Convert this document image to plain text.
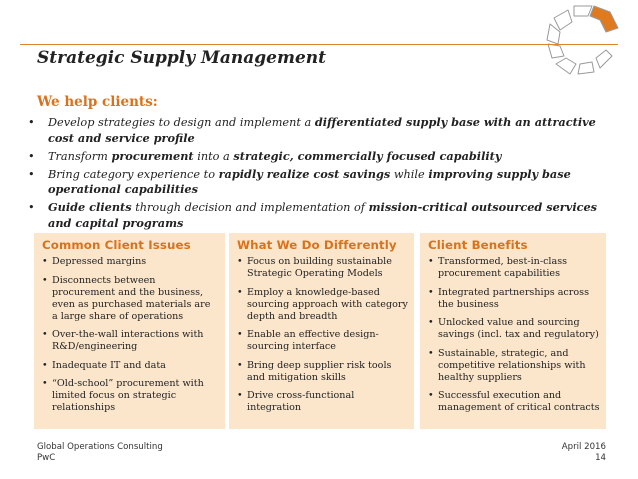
Strategic Supply Management
We help clients:
• Develop strategies to design and implement a differentiated supply base with an attractive cost and service profile
• Transform procurement into a strategic, commercially focused capability
• Bring category experience to rapidly realize cost savings while improving supply base operational capabilities
• Guide clients through decision and implementation of mission-critical outsourced services and capital programs
Common Client Issues
• Depressed margins
• Disconnects between procurement and the business, even as purchased materials are a large share of operations
• Over-the-wall interactions with R&D/engineering
• Inadequate IT and data
• “Old-school” procurement with limited focus on strategic relationships
What We Do Differently
• Focus on building sustainable Strategic Operating Models
• Employ a knowledge-based sourcing approach with category depth and breadth
• Enable an effective design-sourcing interface
• Bring deep supplier risk tools and mitigation skills
• Drive cross-functional integration
Client Benefits
• Transformed, best-in-class procurement capabilities
• Integrated partnerships across the business
• Unlocked value and sourcing savings (incl. tax and regulatory)
• Sustainable, strategic, and competitive relationships with healthy suppliers
• Successful execution and management of critical contracts
Global Operations Consulting
PwC
April 2016
14
